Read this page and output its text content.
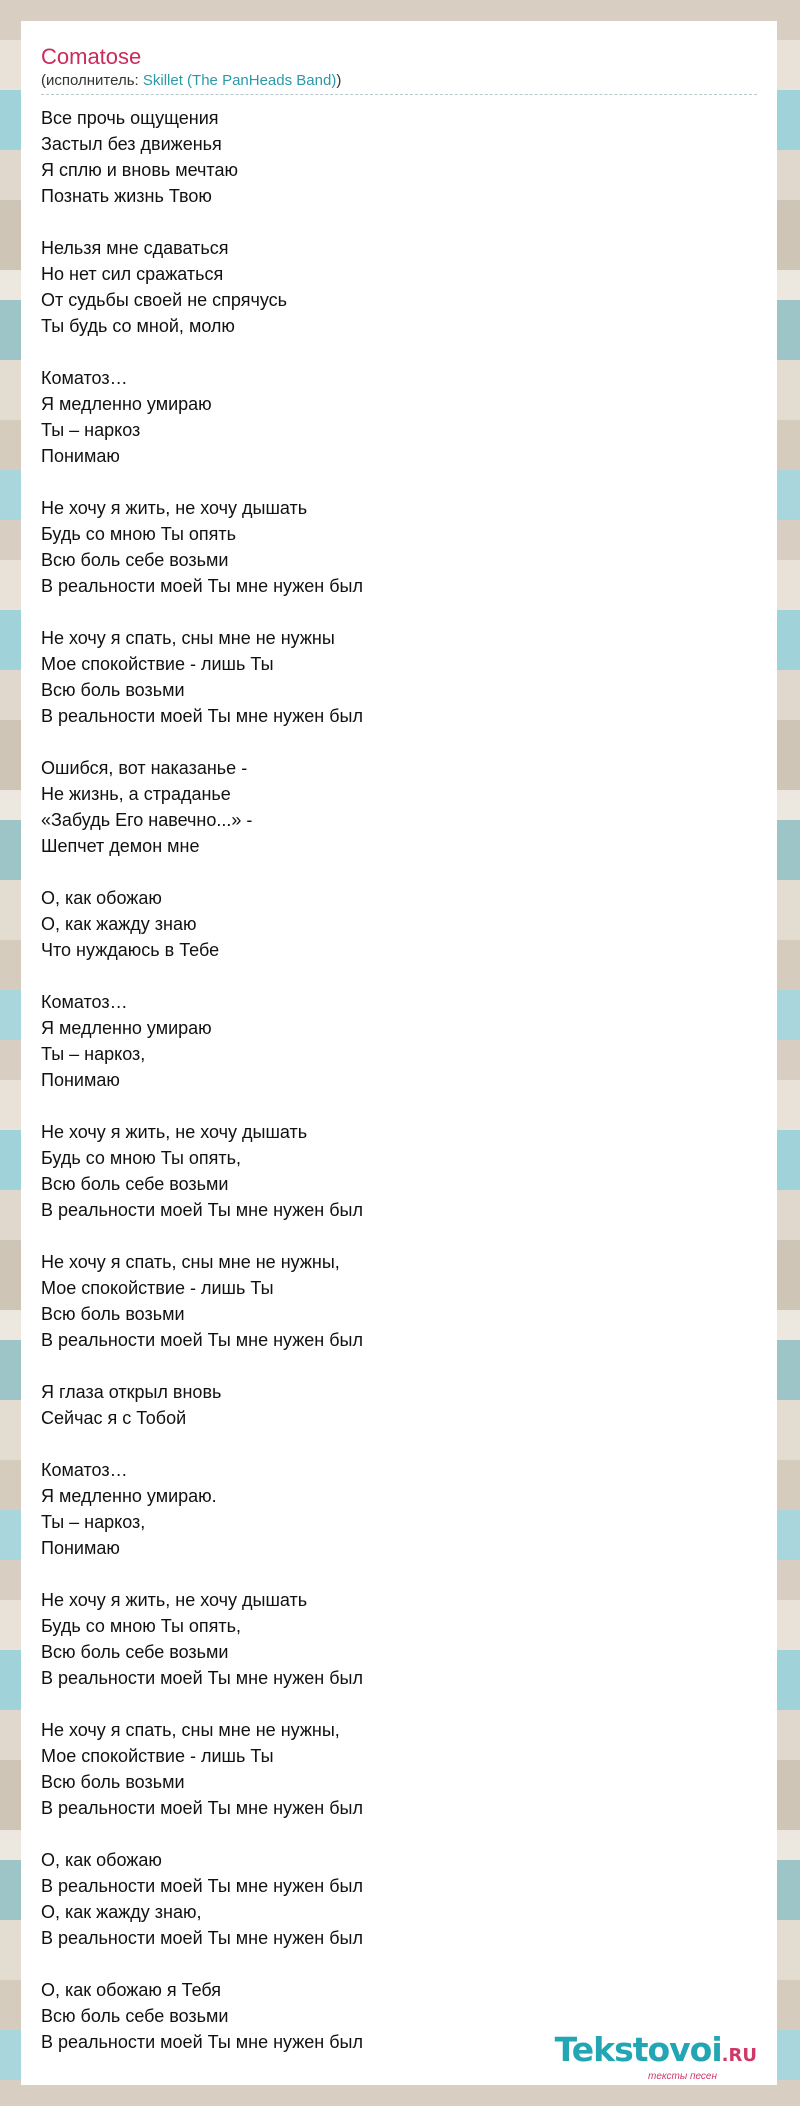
Comatose
(исполнитель: Skillet (The PanHeads Band))
Все прочь ощущения
Застыл без движенья
Я сплю и вновь мечтаю
Познать жизнь Твою
Нельзя мне сдаваться
Но нет сил сражаться
От судьбы своей не спрячусь
Ты будь со мной, молю
Коматоз…
Я медленно умираю
Ты – наркоз
Понимаю
Не хочу я жить, не хочу дышать
Будь со мною Ты опять
Всю боль себе возьми
В реальности моей Ты мне нужен был
Не хочу я спать, сны мне не нужны
Мое спокойствие - лишь Ты
Всю боль возьми
В реальности моей Ты мне нужен был
Ошибся, вот наказанье -
Не жизнь, а страданье
«Забудь Его навечно...» -
Шепчет демон мне
О, как обожаю
О, как жажду знаю
Что нуждаюсь в Тебе
Коматоз…
Я медленно умираю
Ты – наркоз,
Понимаю
Не хочу я жить, не хочу дышать
Будь со мною Ты опять,
Всю боль себе возьми
В реальности моей Ты мне нужен был
Не хочу я спать, сны мне не нужны,
Мое спокойствие - лишь Ты
Всю боль возьми
В реальности моей Ты мне нужен был
Я глаза открыл вновь
Сейчас я с Тобой
Коматоз…
Я медленно умираю.
Ты – наркоз,
Понимаю
Не хочу я жить, не хочу дышать
Будь со мною Ты опять,
Всю боль себе возьми
В реальности моей Ты мне нужен был
Не хочу я спать, сны мне не нужны,
Мое спокойствие - лишь Ты
Всю боль возьми
В реальности моей Ты мне нужен был
О, как обожаю
В реальности моей Ты мне нужен был
О, как жажду знаю,
В реальности моей Ты мне нужен был
О, как обожаю я Тебя
Всю боль себе возьми
В реальности моей Ты мне нужен был	Tekstovoi.RU
тексты песен
